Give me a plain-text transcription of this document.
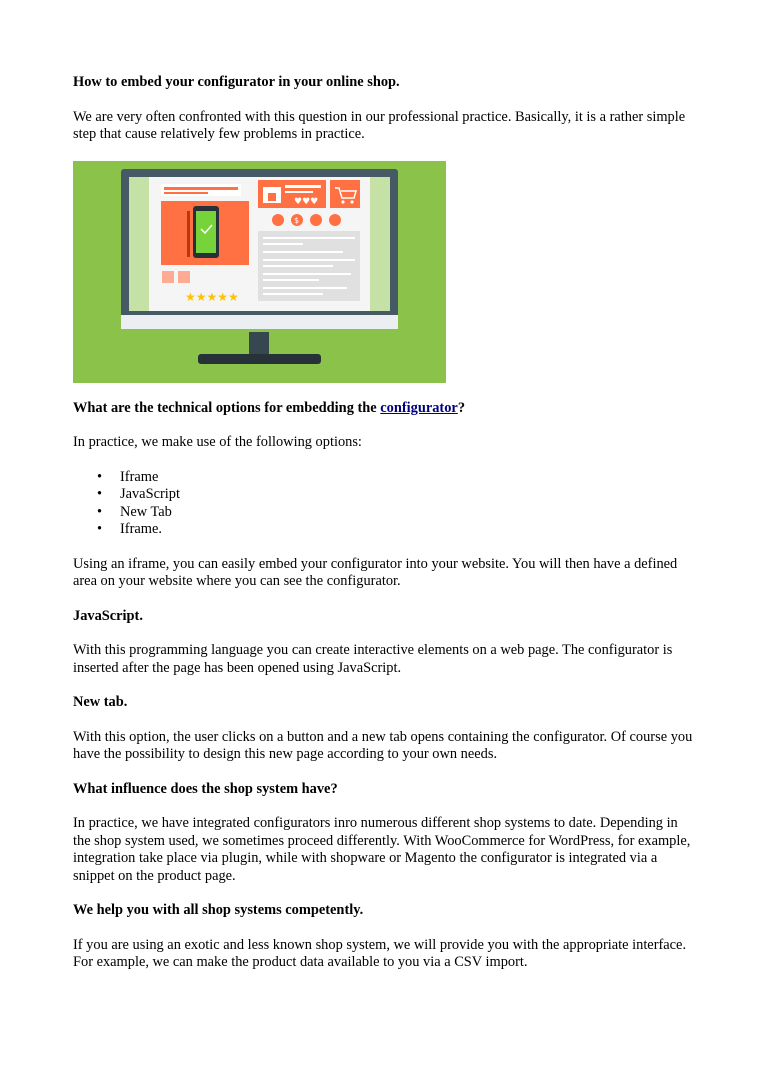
How to embed your configurator in your online shop.

We are very often confronted with this question in our professional practice. Basically, it is a rather simple step that cause relatively few problems in practice.

★★★★★
♥♥♥
$

What are the technical options for embedding the configurator?

In practice, we make use of the following options:

• Iframe
• JavaScript
• New Tab
• Iframe.

Using an iframe, you can easily embed your configurator into your website. You will then have a defined area on your website where you can see the configurator.

JavaScript.

With this programming language you can create interactive elements on a web page. The configurator is inserted after the page has been opened using JavaScript.

New tab.

With this option, the user clicks on a button and a new tab opens containing the configurator. Of course you have the possibility to design this new page according to your own needs.

What influence does the shop system have?

In practice, we have integrated configurators inro numerous different shop systems to date. Depending in the shop system used, we sometimes proceed differently. With WooCommerce for WordPress, for example, integration take place via plugin, while with shopware or Magento the configurator is integrated via a snippet on the product page.

We help you with all shop systems competently.

If you are using an exotic and less known shop system, we will provide you with the appropriate interface. For example, we can make the product data available to you via a CSV import.
